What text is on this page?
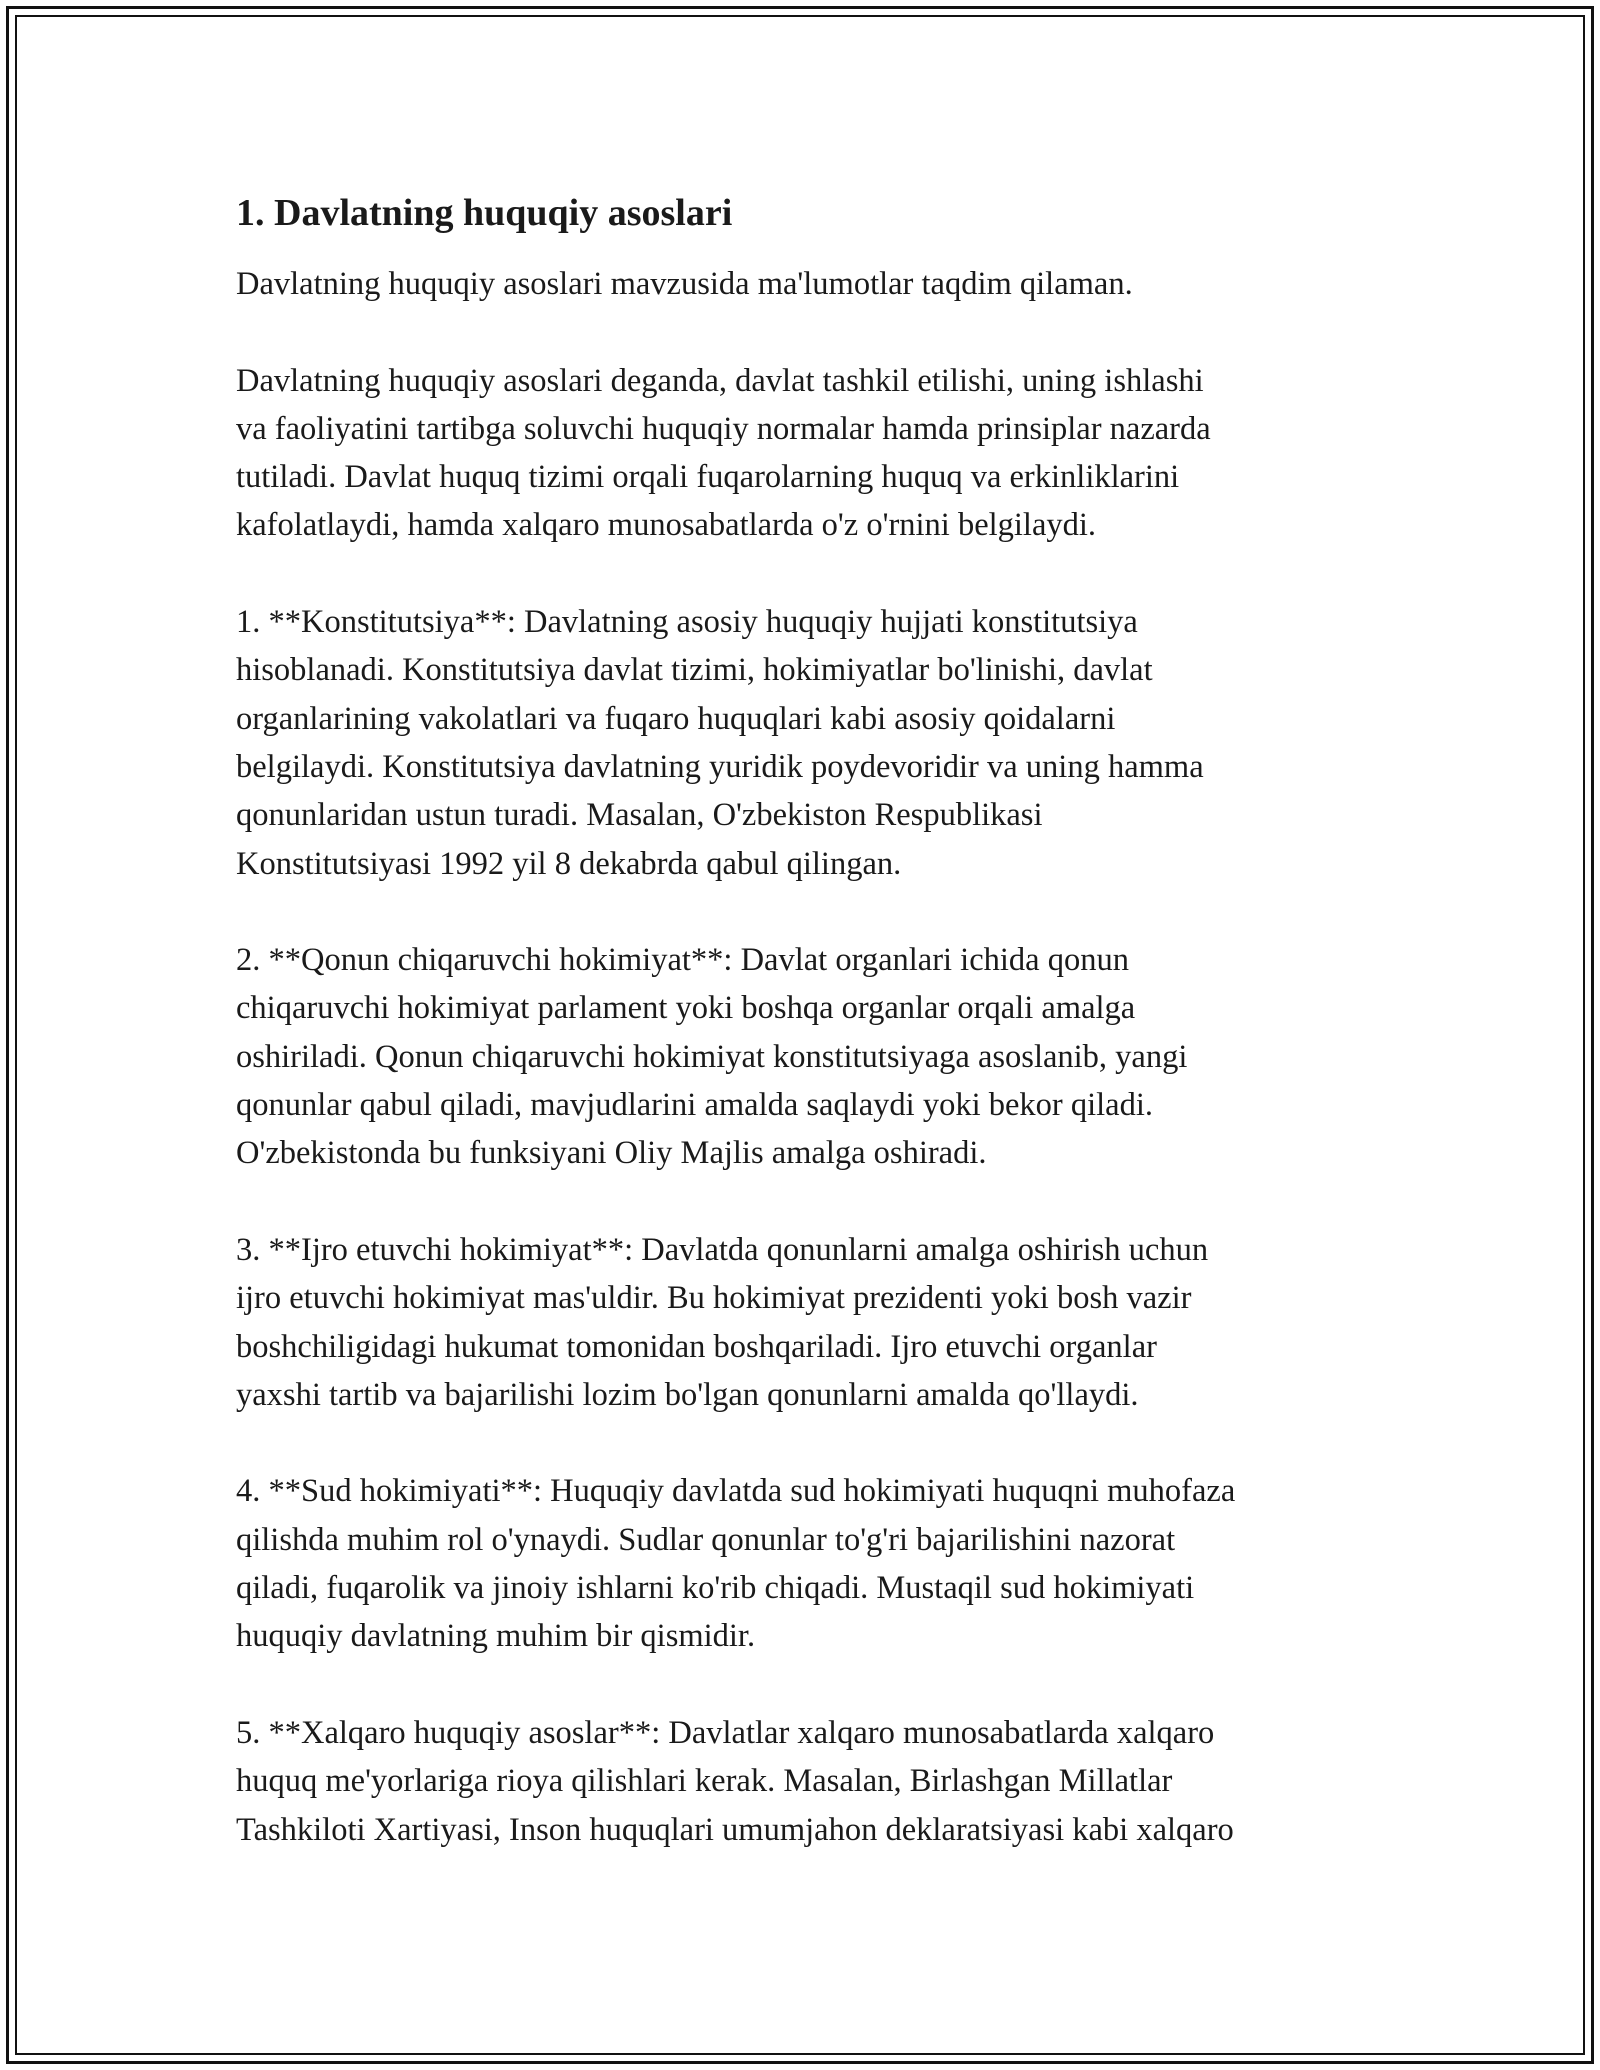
1. Davlatning huquqiy asoslari

Davlatning huquqiy asoslari mavzusida ma'lumotlar taqdim qilaman.

Davlatning huquqiy asoslari deganda, davlat tashkil etilishi, uning ishlashi
va faoliyatini tartibga soluvchi huquqiy normalar hamda prinsiplar nazarda
tutiladi. Davlat huquq tizimi orqali fuqarolarning huquq va erkinliklarini
kafolatlaydi, hamda xalqaro munosabatlarda o'z o'rnini belgilaydi.

1. **Konstitutsiya**: Davlatning asosiy huquqiy hujjati konstitutsiya
hisoblanadi. Konstitutsiya davlat tizimi, hokimiyatlar bo'linishi, davlat
organlarining vakolatlari va fuqaro huquqlari kabi asosiy qoidalarni
belgilaydi. Konstitutsiya davlatning yuridik poydevoridir va uning hamma
qonunlaridan ustun turadi. Masalan, O'zbekiston Respublikasi
Konstitutsiyasi 1992 yil 8 dekabrda qabul qilingan.

2. **Qonun chiqaruvchi hokimiyat**: Davlat organlari ichida qonun
chiqaruvchi hokimiyat parlament yoki boshqa organlar orqali amalga
oshiriladi. Qonun chiqaruvchi hokimiyat konstitutsiyaga asoslanib, yangi
qonunlar qabul qiladi, mavjudlarini amalda saqlaydi yoki bekor qiladi.
O'zbekistonda bu funksiyani Oliy Majlis amalga oshiradi.

3. **Ijro etuvchi hokimiyat**: Davlatda qonunlarni amalga oshirish uchun
ijro etuvchi hokimiyat mas'uldir. Bu hokimiyat prezidenti yoki bosh vazir
boshchiligidagi hukumat tomonidan boshqariladi. Ijro etuvchi organlar
yaxshi tartib va bajarilishi lozim bo'lgan qonunlarni amalda qo'llaydi.

4. **Sud hokimiyati**: Huquqiy davlatda sud hokimiyati huquqni muhofaza
qilishda muhim rol o'ynaydi. Sudlar qonunlar to'g'ri bajarilishini nazorat
qiladi, fuqarolik va jinoiy ishlarni ko'rib chiqadi. Mustaqil sud hokimiyati
huquqiy davlatning muhim bir qismidir.

5. **Xalqaro huquqiy asoslar**: Davlatlar xalqaro munosabatlarda xalqaro
huquq me'yorlariga rioya qilishlari kerak. Masalan, Birlashgan Millatlar
Tashkiloti Xartiyasi, Inson huquqlari umumjahon deklaratsiyasi kabi xalqaro
